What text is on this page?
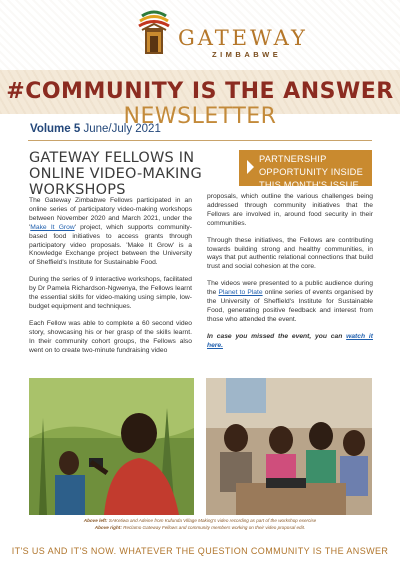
GATEWAY
ZIMBABWE
#COMMUNITY IS THE ANSWER NEWSLETTER
Volume 5 June/July 2021
GATEWAY FELLOWS IN ONLINE VIDEO-MAKING WORKSHOPS
PARTNERSHIP OPPORTUNITY INSIDE THIS MONTH'S ISSUE

The Gateway Zimbabwe Fellows participated in an online series of participatory video-making workshops between November 2020 and March 2021, under the 'Make It Grow' project, which supports community-based food initiatives to access grants through participatory video proposals. 'Make It Grow' is a Knowledge Exchange project between the University of Sheffield's Institute for Sustainable Food.

During the series of 9 interactive workshops, facilitated by Dr Pamela Richardson-Ngwenya, the Fellows learnt the essential skills for video-making using simple, low-budget equipment and techniques.

Each Fellow was able to complete a 60 second video story, showcasing his or her grasp of the skills learnt. In their community cohort groups, the Fellows also went on to create two-minute fundraising video

proposals, which outline the various challenges being addressed through community initiatives that the Fellows are involved in, around food security in their communities.

Through these initiatives, the Fellows are contributing towards building strong and healthy communities, in ways that put authentic relational connections that build trust and social cohesion at the core.

The videos were presented to a public audience during the Planet to Plate online series of events organised by the University of Sheffield's Institute for Sustainable Food, generating positive feedback and interest from those who attended the event.

In case you missed the event, you can watch it here.

Above left: SAKetiwa and Adeine from Kufunda Village Making's video recording as part of the workshop exercise
Above right: Reclamo Gateway Fellows and community members working on their video proposal edit.
IT'S US AND IT'S NOW. WHATEVER THE QUESTION COMMUNITY IS THE ANSWER
